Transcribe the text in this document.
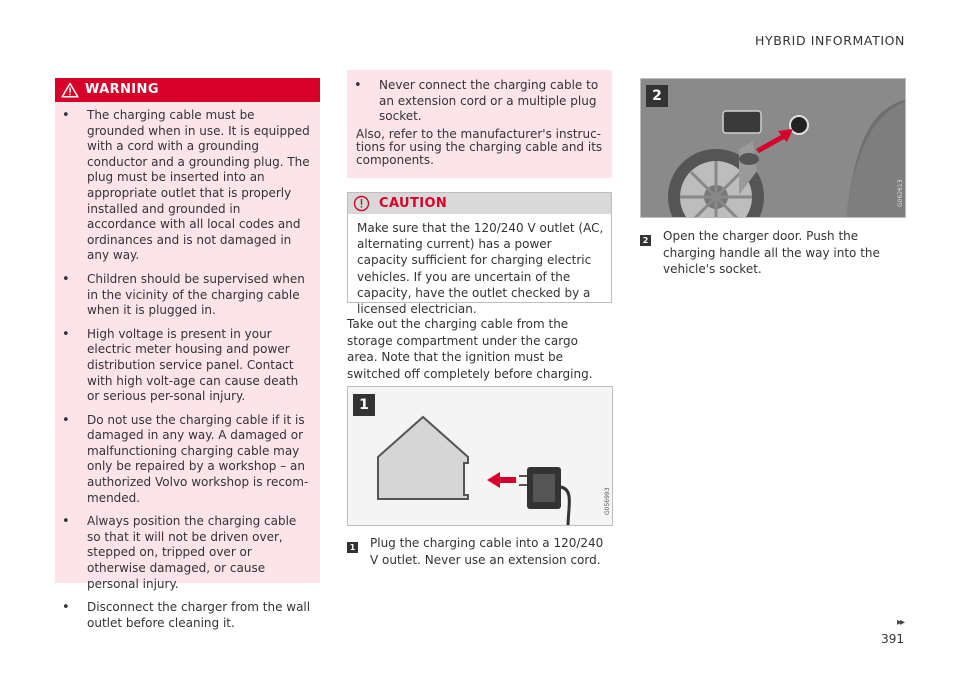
HYBRID INFORMATION
WARNING
• The charging cable must be grounded when in use. It is equipped with a cord with a grounding conductor and a grounding plug. The plug must be inserted into an appropriate outlet that is properly installed and grounded in accordance with all local codes and ordinances and is not damaged in any way.
• Children should be supervised when in the vicinity of the charging cable when it is plugged in.
• High voltage is present in your electric meter housing and power distribution service panel. Contact with high volt-age can cause death or serious per-sonal injury.
• Do not use the charging cable if it is damaged in any way. A damaged or malfunctioning charging cable may only be repaired by a workshop – an authorized Volvo workshop is recom-mended.
• Always position the charging cable so that it will not be driven over, stepped on, tripped over or otherwise damaged, or cause personal injury.
• Disconnect the charger from the wall outlet before cleaning it.
• Never connect the charging cable to an extension cord or a multiple plug socket.
Also, refer to the manufacturer's instruc-tions for using the charging cable and its components.
CAUTION
Make sure that the 120/240 V outlet (AC, alternating current) has a power capacity sufficient for charging electric vehicles. If you are uncertain of the capacity, have the outlet checked by a licensed electrician.
Take out the charging cable from the storage compartment under the cargo area. Note that the ignition must be switched off completely before charging.
1
G056993
1 Plug the charging cable into a 120/240 V outlet. Never use an extension cord.
2
G062613
2 Open the charger door. Push the charging handle all the way into the vehicle's socket.
▸▸
391
